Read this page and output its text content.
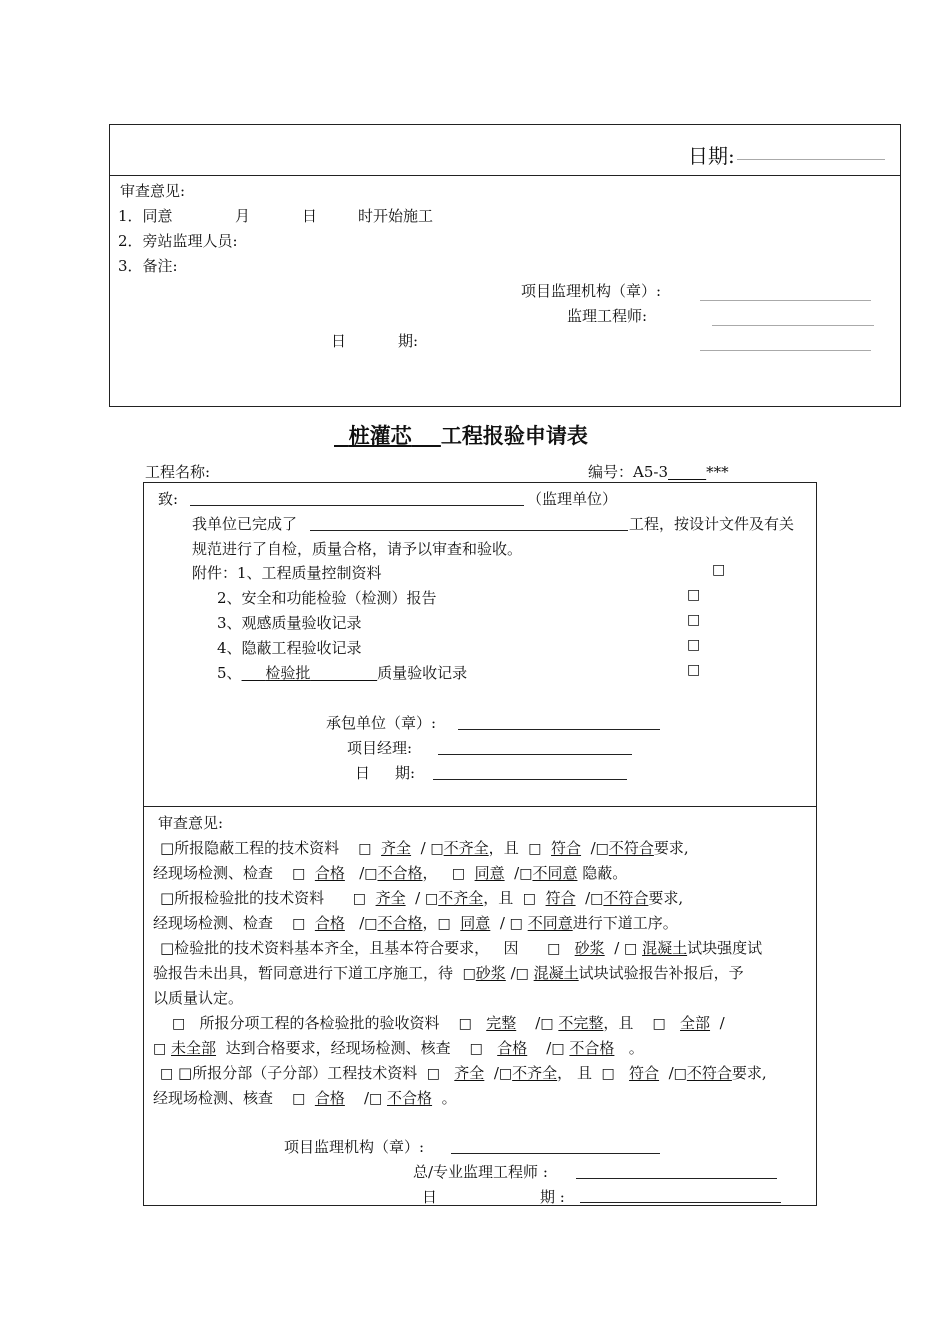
日期:
审查意见:
1．同意	月	日	时开始施工
2．旁站监理人员:
3．备注:
项目监理机构（章）:
监理工程师:
日	期:
桩灌芯 工程报验申请表
工程名称:	编号：A5-3	***
致:	（监理单位）
我单位已完成了	工程，按设计文件及有关
规范进行了自检，质量合格，请予以审查和验收。
附件：1、工程质量控制资料	□
2、安全和功能检验（检测）报告	□
3、观感质量验收记录	□
4、隐蔽工程验收记录	□
5、 检验批	质量验收记录	□
承包单位（章）:
项目经理:
日 期:
审查意见:
□所报隐蔽工程的技术资料 □ 齐全  / □不齐全，且 □ 符合  /□不符合要求,
经现场检测、检查 □ 合格   /□不合格，   □ 同意  /□不同意 隐蔽。
□所报检验批的技术资料 □ 齐全  / □不齐全，且 □ 符合  /□不符合要求,
经现场检测、检查 □ 合格   /□不合格，□ 同意  / □ 不同意进行下道工序。
□检验批的技术资料基本齐全，且基本符合要求， 因 □ 砂浆  / □ 混凝土试块强度试
验报告未出具，暂同意进行下道工序施工，待 □砂浆 /□ 混凝土试块试验报告补报后，予
以质量认定。
□ 所报分项工程的各检验批的验收资料 □ 完整    /□ 不完整，且 □ 全部  /
□ 未全部 达到合格要求，经现场检测、核查 □ 合格    /□ 不合格 。
□ □所报分部（子分部）工程技术资料 □ 齐全  /□不齐全， 且 □ 符合  /□不符合要求,
经现场检测、核查 □ 合格    /□ 不合格 。
项目监理机构（章）:
总/专业监理工程师 :
日	期 :
